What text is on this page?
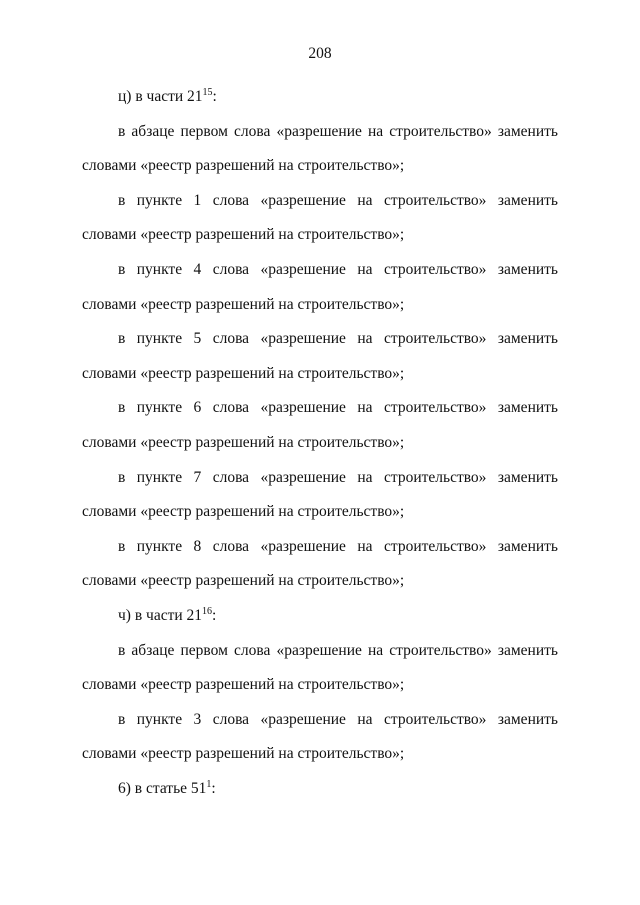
208

ц) в части $21^{15}$:

в абзаце первом слова «разрешение на строительство» заменить словами «реестр разрешений на строительство»;

в пункте 1 слова «разрешение на строительство» заменить словами «реестр разрешений на строительство»;

в пункте 4 слова «разрешение на строительство» заменить словами «реестр разрешений на строительство»;

в пункте 5 слова «разрешение на строительство» заменить словами «реестр разрешений на строительство»;

в пункте 6 слова «разрешение на строительство» заменить словами «реестр разрешений на строительство»;

в пункте 7 слова «разрешение на строительство» заменить словами «реестр разрешений на строительство»;

в пункте 8 слова «разрешение на строительство» заменить словами «реестр разрешений на строительство»;

ч) в части $21^{16}$:

в абзаце первом слова «разрешение на строительство» заменить словами «реестр разрешений на строительство»;

в пункте 3 слова «разрешение на строительство» заменить словами «реестр разрешений на строительство»;

6) в статье $51^1$:
